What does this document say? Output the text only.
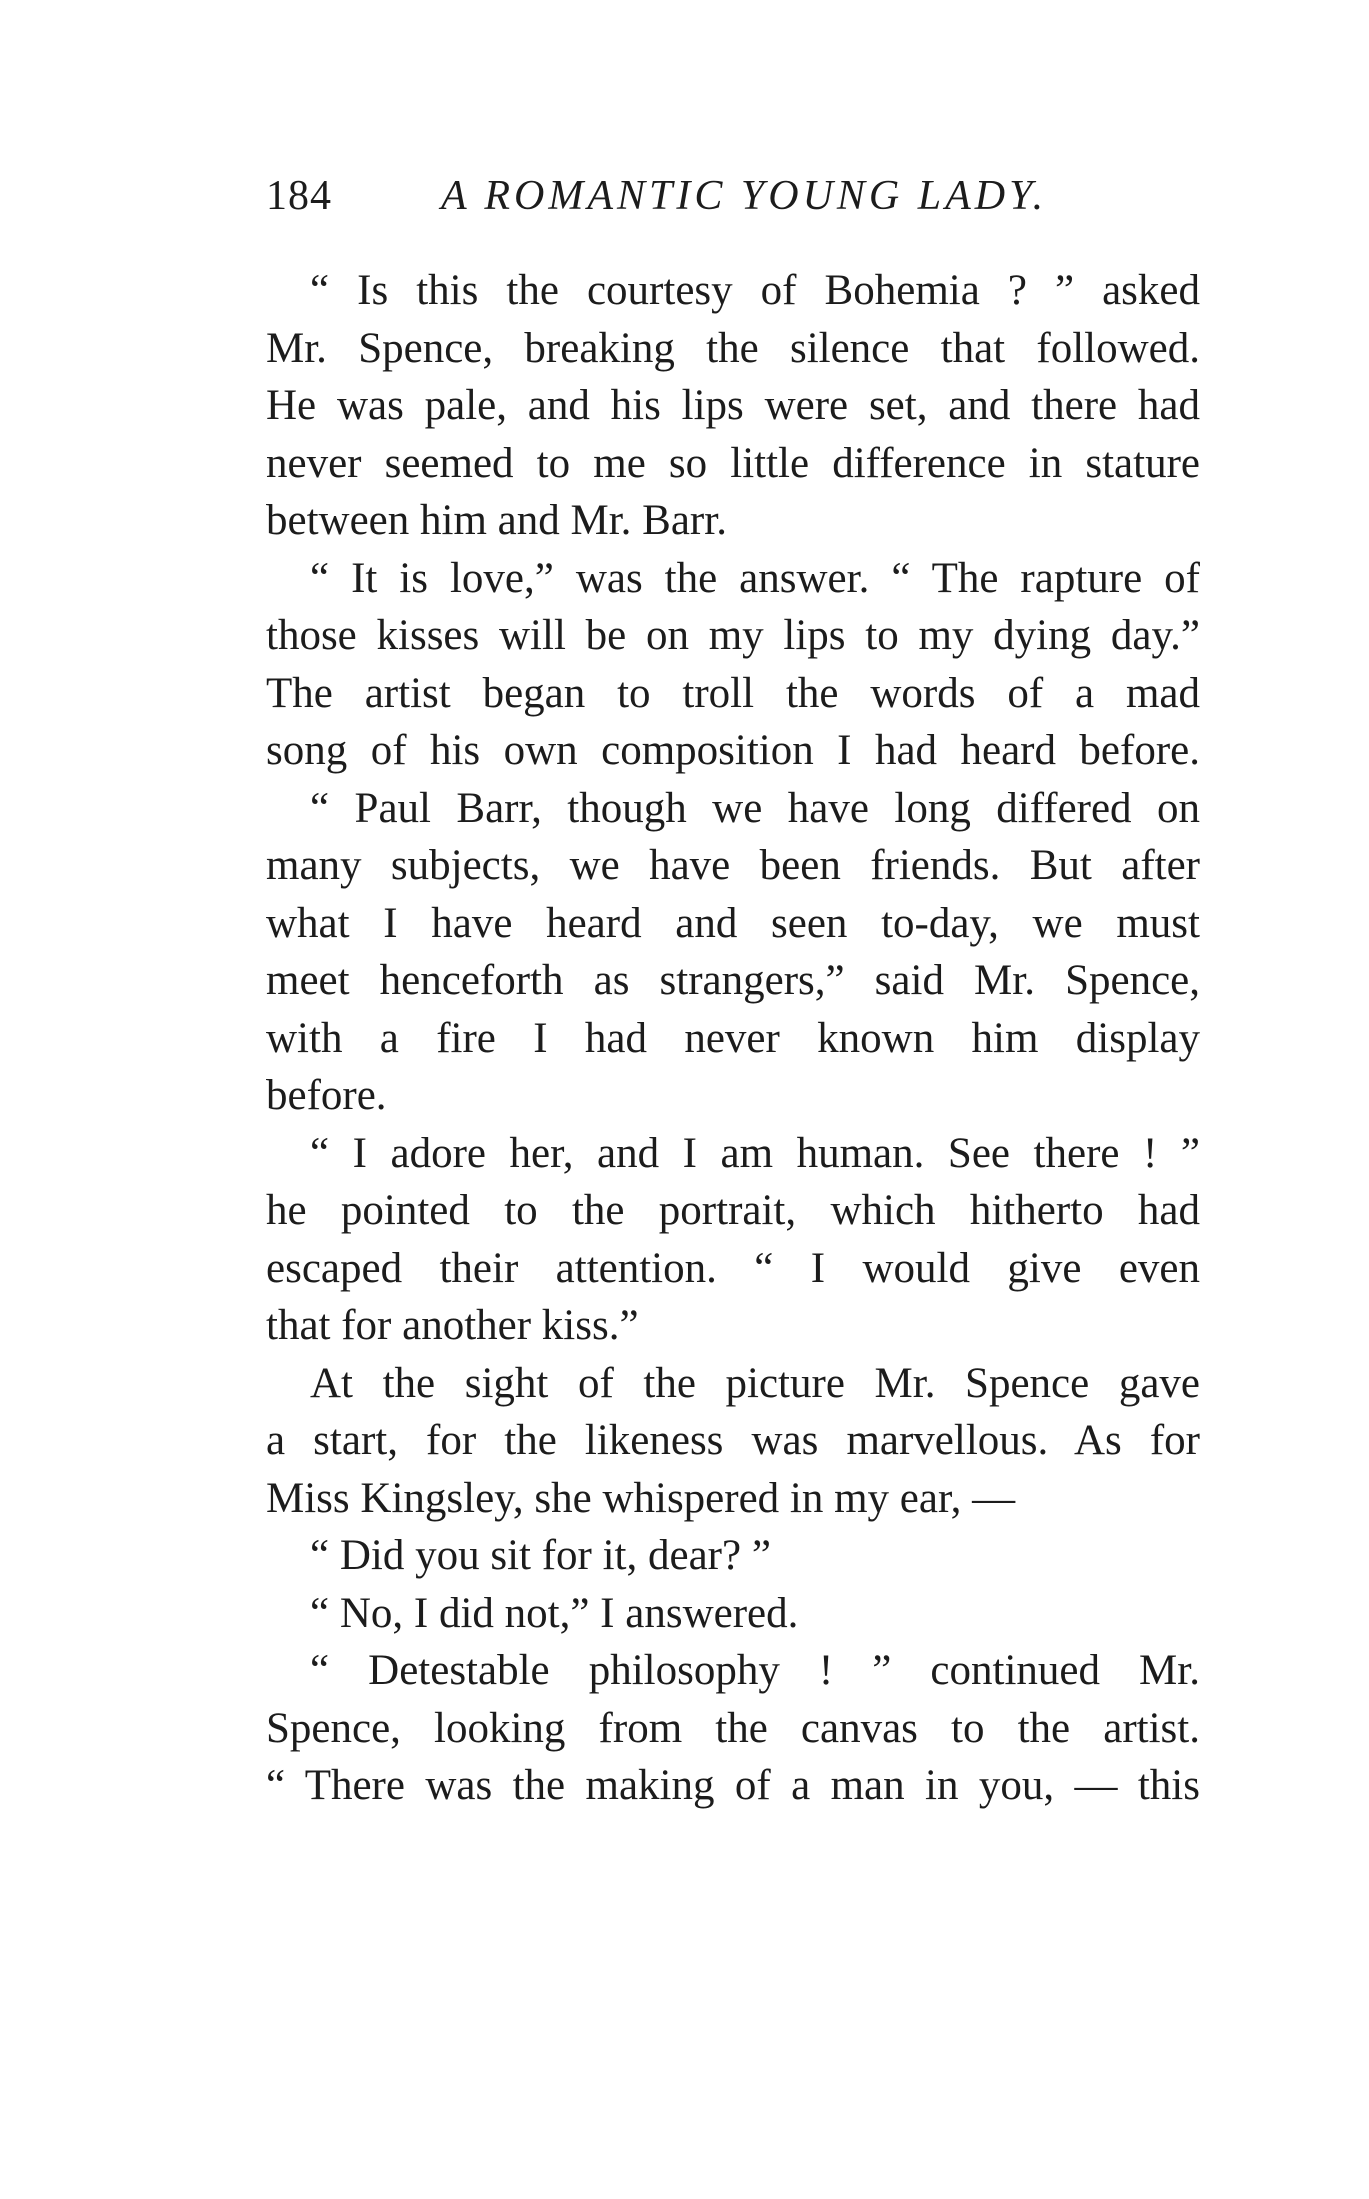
184	A ROMANTIC YOUNG LADY.
“ Is this the courtesy of Bohemia ? ” asked
Mr. Spence, breaking the silence that followed.
He was pale, and his lips were set, and there had
never seemed to me so little difference in stature
between him and Mr. Barr.
“ It is love,” was the answer. “ The rapture of
those kisses will be on my lips to my dying day.”
The artist began to troll the words of a mad
song of his own composition I had heard before.
“ Paul Barr, though we have long differed on
many subjects, we have been friends. But after
what I have heard and seen to-day, we must
meet henceforth as strangers,” said Mr. Spence,
with a fire I had never known him display
before.
“ I adore her, and I am human. See there ! ”
he pointed to the portrait, which hitherto had
escaped their attention. “ I would give even
that for another kiss.”
At the sight of the picture Mr. Spence gave
a start, for the likeness was marvellous. As for
Miss Kingsley, she whispered in my ear, —
“ Did you sit for it, dear? ”
“ No, I did not,” I answered.
“ Detestable philosophy ! ” continued Mr.
Spence, looking from the canvas to the artist.
“ There was the making of a man in you, — this
